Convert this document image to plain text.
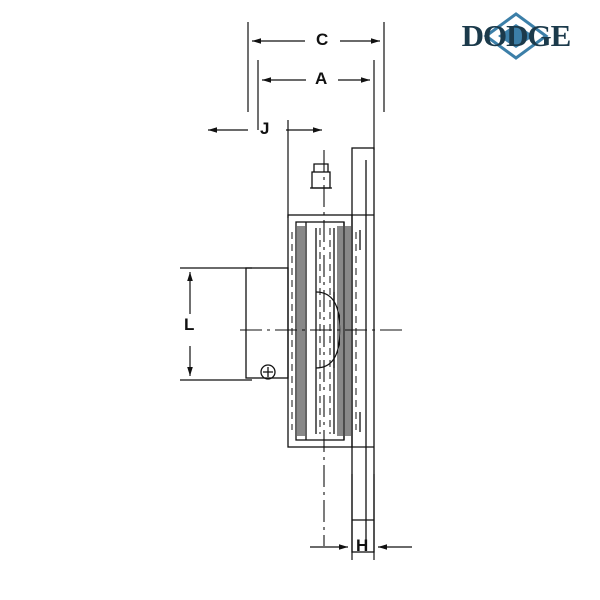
C
A
J
L
H
DODGE
